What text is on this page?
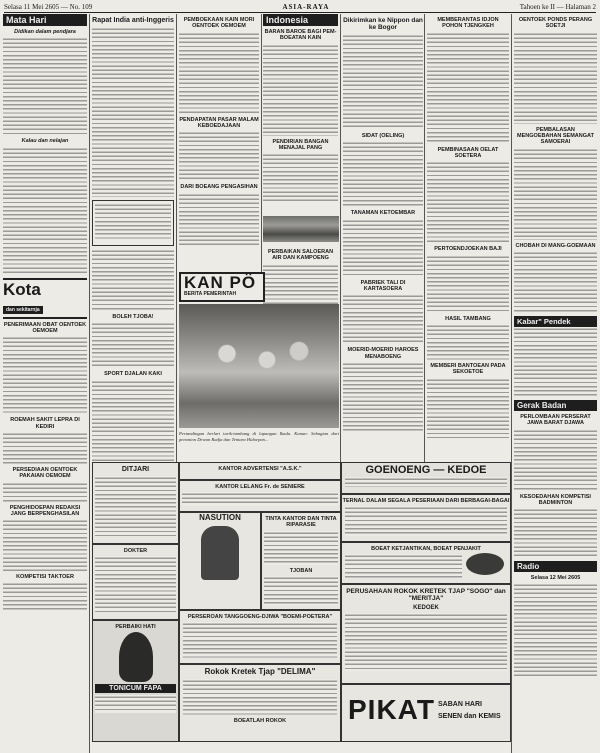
Selasa 11 Mei 2605 — No. 109	ASIA-RAYA	Tahoen ke II — Halaman 2
Mata Hari
Didikan dalam pendjara
Kalau dan nelajan
Kota
dan sekitarnja
PENERIMAAN OBAT OENTOEK OEMOEM
ROEMAH SAKIT LEPRA DI KEDIRI
PERSEDIAAN OENTOEK PAKAIAN OEMOEM
PENGHIDOEPAN REDAKSI JANG BERPENGHASILAN
KOMPETISI TAKTOER
Rapat India anti-Inggeris
BOLEH TJOBA!
SPORT DJALAN KAKI
PEMBOEKAAN KAIN MORI OENTOEK OEMOEM
PENDAPATAN PASAR MALAM KEBOEDAJAAN
DARI BOEANG PENGASIHAN
Indonesia
BARAN BAROE BAGI PEM-BOEATAN KAIN
PENDIRIAN BANGAN MENAJAL PANG
PERBAIKAN SALOERAN AIR DAN KAMPOENG
KAN PÖ
BERITA PEMERINTAH
Pertandingan berlari tarik-tambang di lapangan Ikada. Kanan: Sebagian dari penonton Dewan Radja dan Tentara Hidoepan...
Dikirimkan ke Nippon dan ke Bogor
SIDAT (OELING)
TANAMAN KETOEMBAR
PABRIEK TALI DI KARTASOERA
MOERID-MOERID HAROES MENABOENG
MEMBERANTAS IDJON POHON TJENGKEH
PEMBINASAAN OELAT SOETERA
PERTOENDJOEKAN BAJI
HASIL TAMBANG
MEMBERI BANTOEAN PADA SEKOETOE
OENTOEK PONDS PERANG SOETJI
PEMBALASAN MENGOEBAHAN SEMANGAT SAMOERAI
CHOBAH DI MANG-GOEMAAN
Kabar" Pendek
Gerak Badan
PERLOMBAAN PERSERAT JAWA BARAT DJAWA
KESOEDAHAN KOMPETISI BADMINTON
Radio
Selasa 12 Mei 2605
DITJARI	KANTOR ADVERTENSI "A.S.K."
KANTOR LELANG Fr. de SENIERE
GOENOENG — KEDOE
DOKTER
NASUTION	TINTA KANTOR DAN TINTA RIPARASIE
TJOBAN
TERNAL DALAM SEGALA PESERIAAN DARI BERBAGAI-BAGAI
BOEAT KETJANTIKAN, BOEAT PENJAKIT
PERBAIKI HATI
TONICUM FAPA
PERSEROAN TANGGOENG-DJIWA "BOEMI-POETERA"
Rokok Kretek Tjap "DELIMA"
BOEATLAH ROKOK
PERUSAHAAN ROKOK KRETEK TJAP "SOGO" dan "MERITJA"
KEDOEK
PIKAT SABAN HARI
SENEN dan KEMIS
